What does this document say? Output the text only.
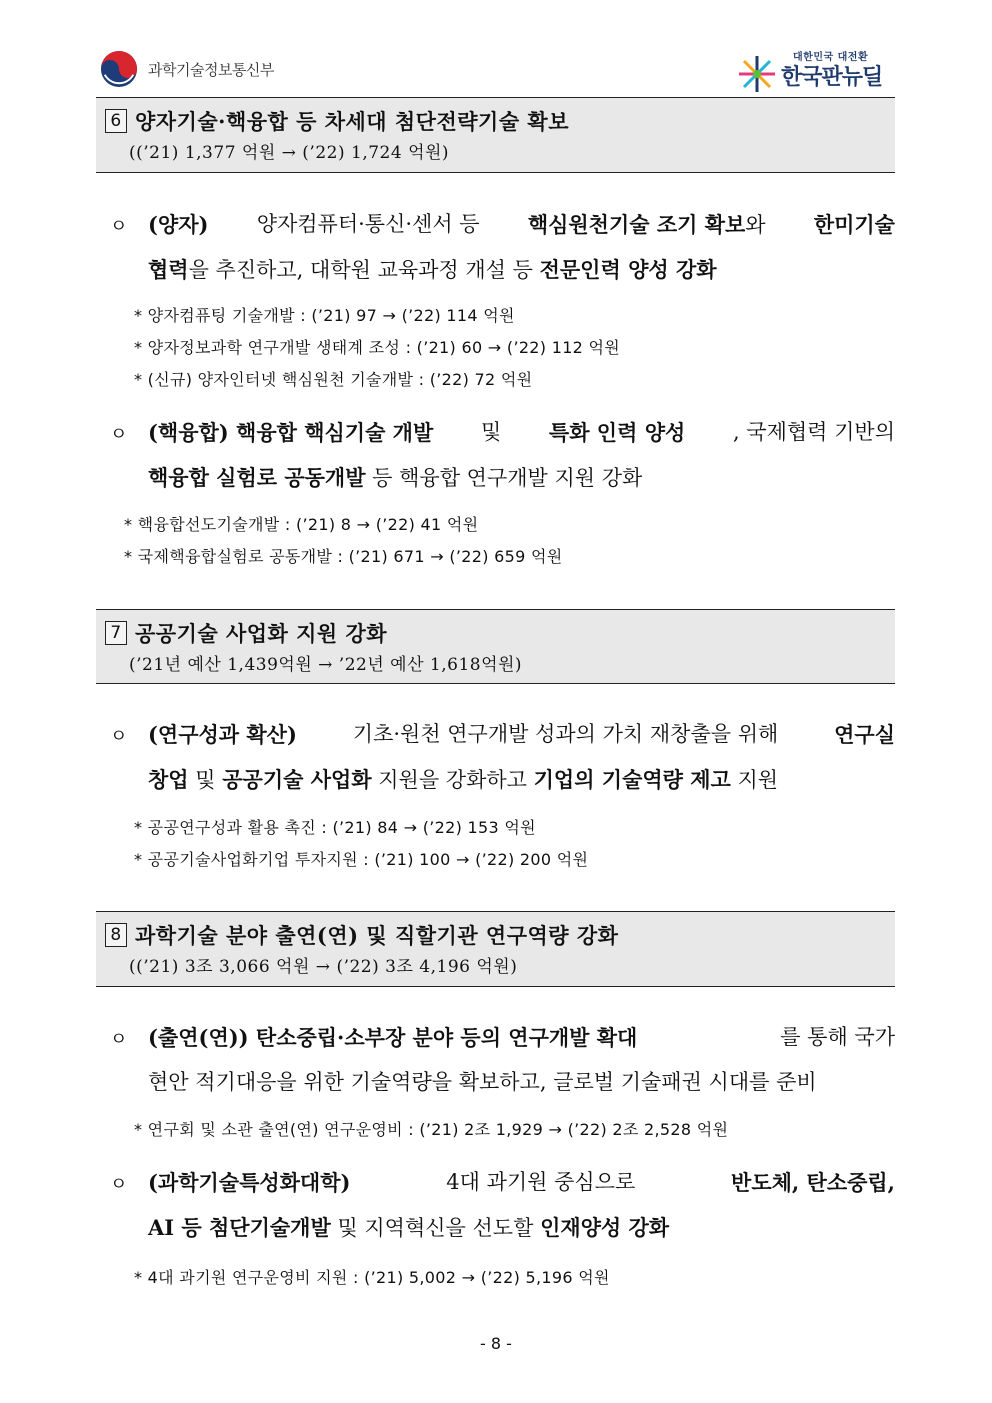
과학기술정보통신부
대한민국 대전환
한국판뉴딜
6 양자기술·핵융합 등 차세대 첨단전략기술 확보
((’21) 1,377 억원 → (’22) 1,724 억원)
ㅇ (양자) 양자컴퓨터·통신·센서 등 핵심원천기술 조기 확보와 한미기술
협력을 추진하고, 대학원 교육과정 개설 등 전문인력 양성 강화
* 양자컴퓨팅 기술개발 : (’21) 97 → (’22) 114 억원
* 양자정보과학 연구개발 생태계 조성 : (’21) 60 → (’22) 112 억원
* (신규) 양자인터넷 핵심원천 기술개발 : (’22) 72 억원
ㅇ (핵융합) 핵융합 핵심기술 개발 및 특화 인력 양성 , 국제협력 기반의
핵융합 실험로 공동개발 등 핵융합 연구개발 지원 강화
* 핵융합선도기술개발 : (’21) 8 → (’22) 41 억원
* 국제핵융합실험로 공동개발 : (’21) 671 → (’22) 659 억원
7 공공기술 사업화 지원 강화
(’21년 예산 1,439억원 → ’22년 예산 1,618억원)
ㅇ (연구성과 확산)	기초·원천 연구개발 성과의 가치 재창출을 위해	연구실
창업 및 공공기술 사업화 지원을 강화하고 기업의 기술역량 제고 지원
* 공공연구성과 활용 촉진 : (’21) 84 → (’22) 153 억원
* 공공기술사업화기업 투자지원 : (’21) 100 → (’22) 200 억원
8 과학기술 분야 출연(연) 및 직할기관 연구역량 강화
((’21) 3조 3,066 억원 → (’22) 3조 4,196 억원)
ㅇ (출연(연)) 탄소중립·소부장 분야 등의 연구개발 확대	를 통해 국가
현안 적기대응을 위한 기술역량을 확보하고, 글로벌 기술패권 시대를 준비
* 연구회 및 소관 출연(연) 연구운영비 : (’21) 2조 1,929 → (’22) 2조 2,528 억원
ㅇ (과학기술특성화대학)	4대 과기원 중심으로	반도체, 탄소중립,
AI 등 첨단기술개발 및 지역혁신을 선도할 인재양성 강화
* 4대 과기원 연구운영비 지원 : (’21) 5,002 → (’22) 5,196 억원
- 8 -
